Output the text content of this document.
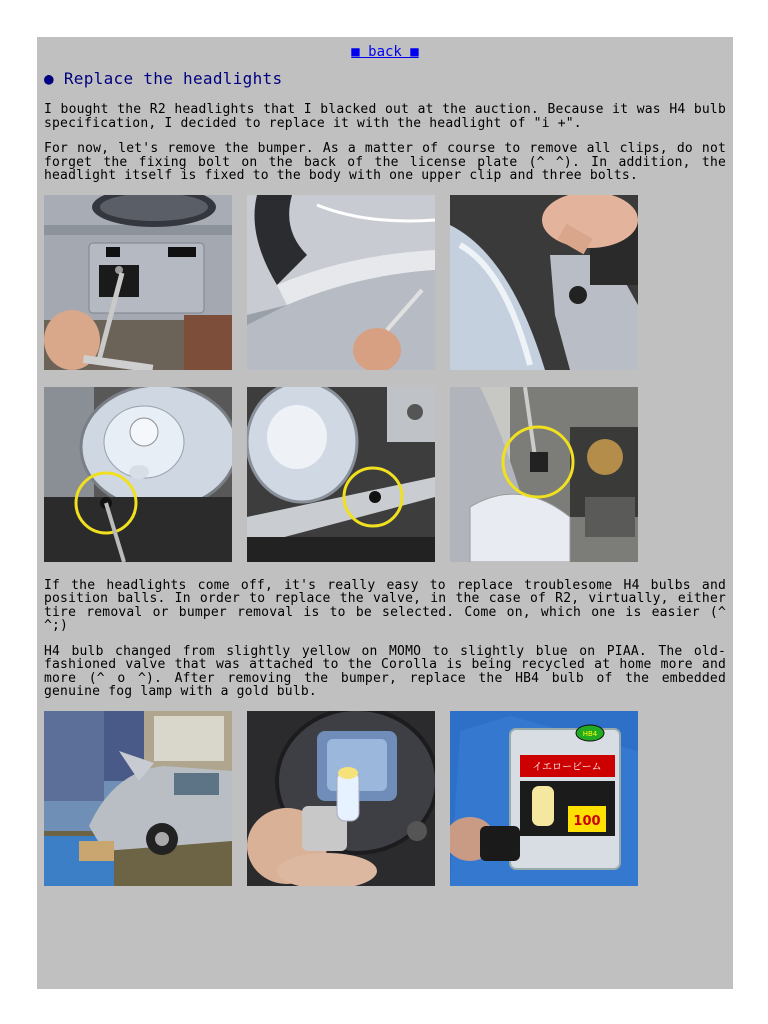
■ back ■
● Replace the headlights

I bought the R2 headlights that I blacked out at the auction. Because it was H4 bulb specification, I decided to replace it with the headlight of "i +".

For now, let's remove the bumper. As a matter of course to remove all clips, do not forget the fixing bolt on the back of the license plate (^ ^). In addition, the headlight itself is fixed to the body with one upper clip and three bolts.

If the headlights come off, it's really easy to replace troublesome H4 bulbs and position balls. In order to replace the valve, in the case of R2, virtually, either tire removal or bumper removal is to be selected. Come on, which one is easier (^ ^;)

H4 bulb changed from slightly yellow on MOMO to slightly blue on PIAA. The old-fashioned valve that was attached to the Corolla is being recycled at home more and more (^ o ^). After removing the bumper, replace the HB4 bulb of the embedded genuine fog lamp with a gold bulb.

HB4
イエロービーム
100
